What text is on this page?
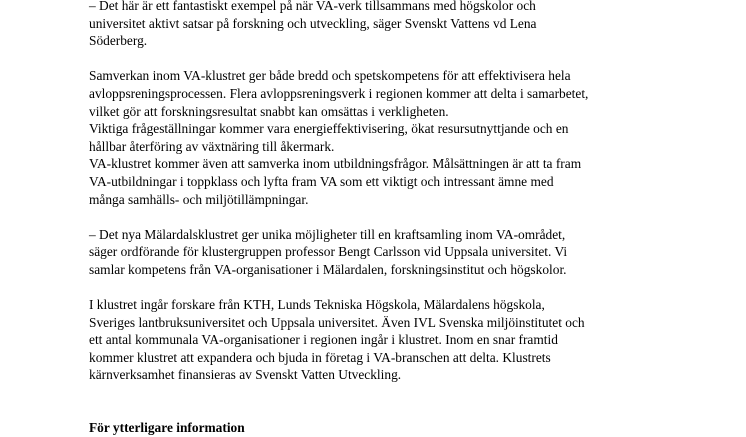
– Det här är ett fantastiskt exempel på när VA-verk tillsammans med högskolor och
universitet aktivt satsar på forskning och utveckling, säger Svenskt Vattens vd Lena
Söderberg.

Samverkan inom VA-klustret ger både bredd och spetskompetens för att effektivisera hela
avloppsreningsprocessen. Flera avloppsreningsverk i regionen kommer att delta i samarbetet,
vilket gör att forskningsresultat snabbt kan omsättas i verkligheten.
Viktiga frågeställningar kommer vara energieffektivisering, ökat resursutnyttjande och en
hållbar återföring av växtnäring till åkermark.
VA-klustret kommer även att samverka inom utbildningsfrågor. Målsättningen är att ta fram
VA-utbildningar i toppklass och lyfta fram VA som ett viktigt och intressant ämne med
många samhälls- och miljötillämpningar.

– Det nya Mälardalsklustret ger unika möjligheter till en kraftsamling inom VA-området,
säger ordförande för klustergruppen professor Bengt Carlsson vid Uppsala universitet. Vi
samlar kompetens från VA-organisationer i Mälardalen, forskningsinstitut och högskolor.

I klustret ingår forskare från KTH, Lunds Tekniska Högskola, Mälardalens högskola,
Sveriges lantbruksuniversitet och Uppsala universitet. Även IVL Svenska miljöinstitutet och
ett antal kommunala VA-organisationer i regionen ingår i klustret. Inom en snar framtid
kommer klustret att expandera och bjuda in företag i VA-branschen att delta. Klustrets
kärnverksamhet finansieras av Svenskt Vatten Utveckling.

För ytterligare information
